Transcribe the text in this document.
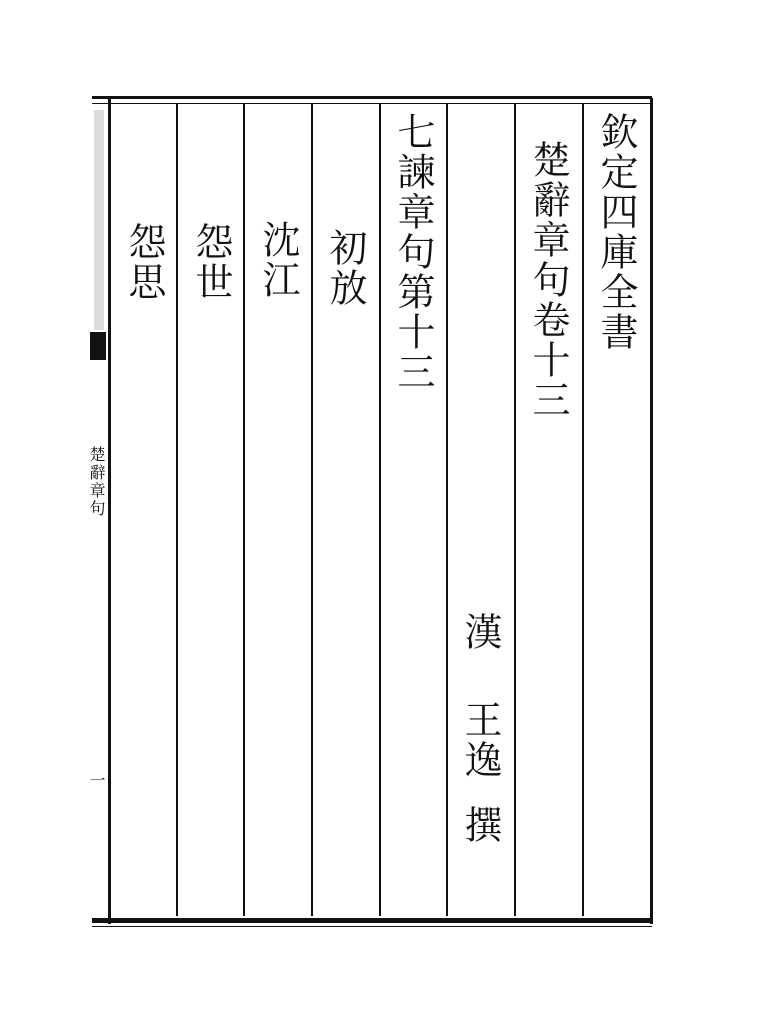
欽定四庫全書
楚辭章句卷十三
漢
王逸
撰
七諫章句第十三
初放
沈江
怨世
怨思
楚辭章句
一
